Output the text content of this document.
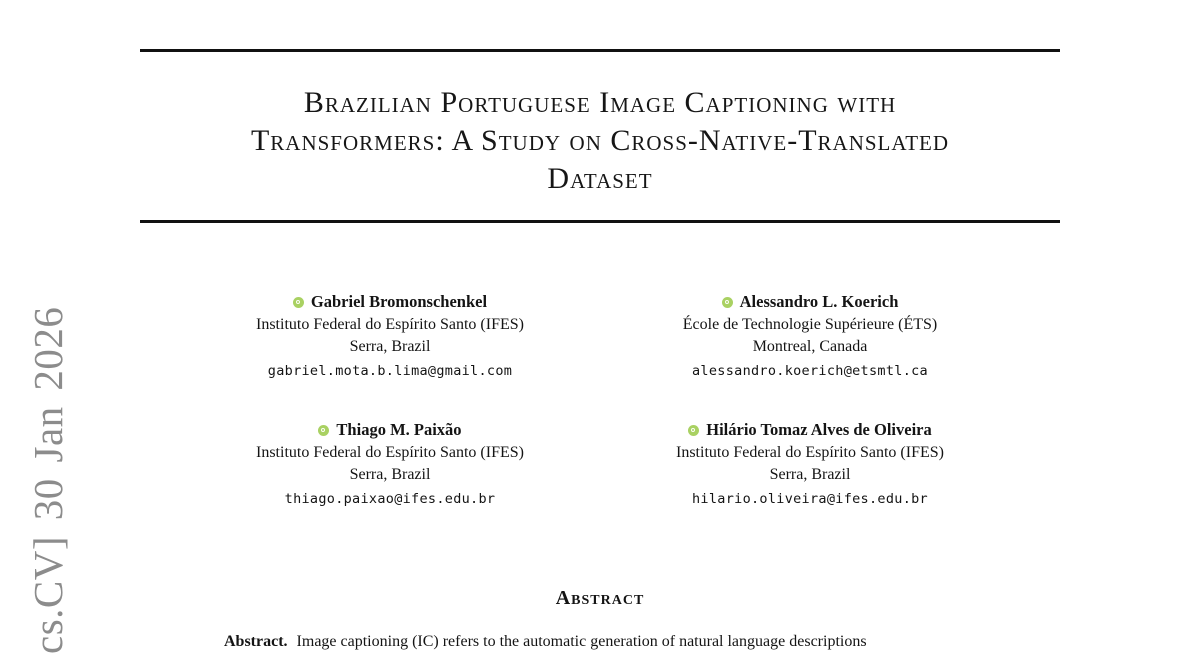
cs.CV] 30 Jan 2026
Brazilian Portuguese Image Captioning with
Transformers: A Study on Cross-Native-Translated
Dataset
Gabriel Bromonschenkel
Instituto Federal do Espírito Santo (IFES)
Serra, Brazil
gabriel.mota.b.lima@gmail.com
Alessandro L. Koerich
École de Technologie Supérieure (ÉTS)
Montreal, Canada
alessandro.koerich@etsmtl.ca
Thiago M. Paixão
Instituto Federal do Espírito Santo (IFES)
Serra, Brazil
thiago.paixao@ifes.edu.br
Hilário Tomaz Alves de Oliveira
Instituto Federal do Espírito Santo (IFES)
Serra, Brazil
hilario.oliveira@ifes.edu.br
Abstract

Abstract. Image captioning (IC) refers to the automatic generation of natural language descriptions
